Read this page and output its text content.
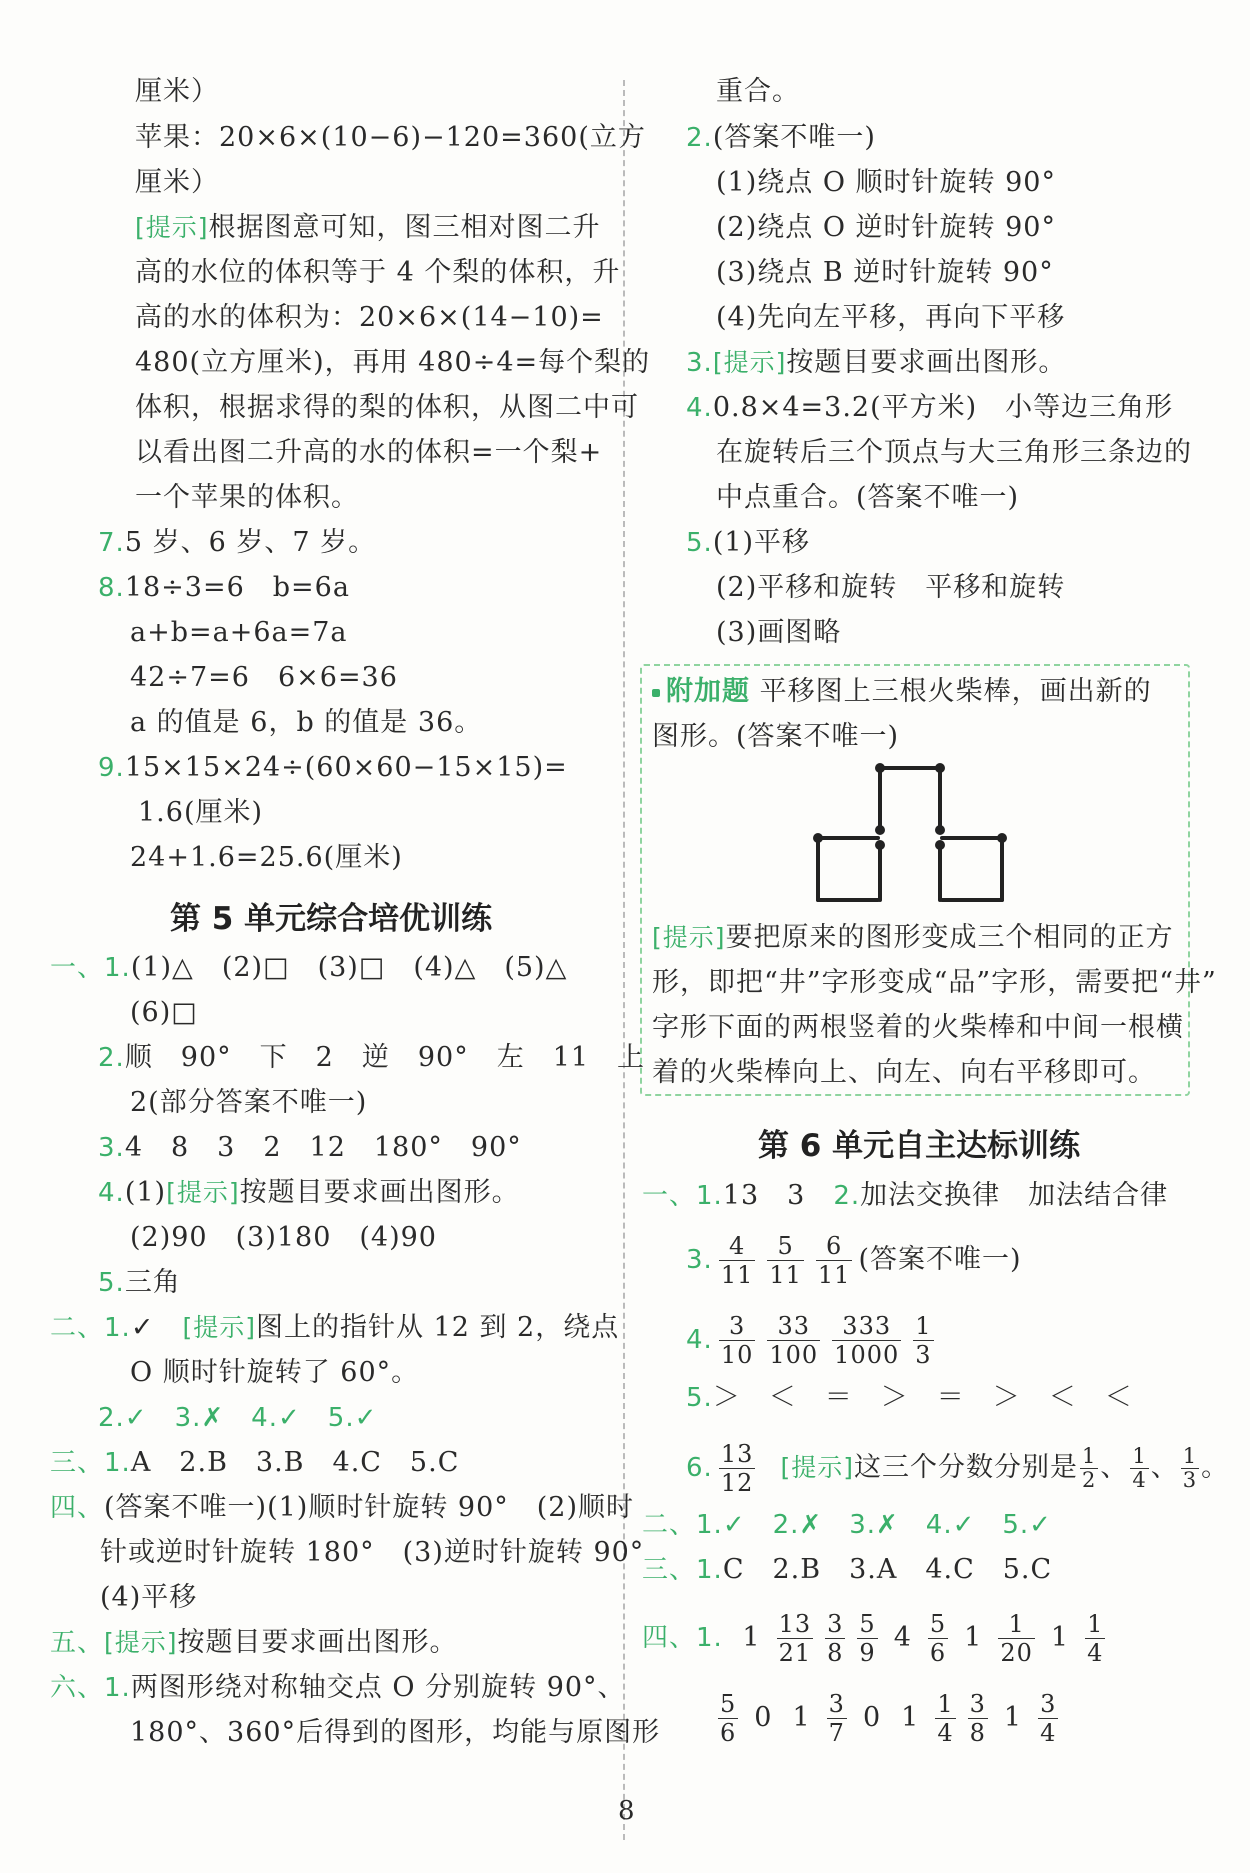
厘米）
苹果：20×6×(10−6)−120=360(立方
厘米）
[提示]根据图意可知，图三相对图二升
高的水位的体积等于 4 个梨的体积，升
高的水的体积为：20×6×(14−10)=
480(立方厘米)，再用 480÷4=每个梨的
体积，根据求得的梨的体积，从图二中可
以看出图二升高的水的体积=一个梨+
一个苹果的体积。
7.5 岁、6 岁、7 岁。
8.18÷3=6　b=6a
a+b=a+6a=7a
42÷7=6　6×6=36
a 的值是 6，b 的值是 36。
9.15×15×24÷(60×60−15×15)=
1.6(厘米)
24+1.6=25.6(厘米)
第 5 单元综合培优训练
一、1.(1)△　(2)□　(3)□　(4)△　(5)△
(6)□
2.顺　90°　下　2　逆　90°　左　11　上
2(部分答案不唯一)
3.4　8　3　2　12　180°　90°
4.(1)[提示]按题目要求画出图形。
(2)90　(3)180　(4)90
5.三角
二、1.✓　[提示]图上的指针从 12 到 2，绕点
O 顺时针旋转了 60°。
2.✓　3.✗　4.✓　5.✓
三、1.A　2.B　3.B　4.C　5.C
四、(答案不唯一)(1)顺时针旋转 90°　(2)顺时
针或逆时针旋转 180°　(3)逆时针旋转 90°
(4)平移
五、[提示]按题目要求画出图形。
六、1.两图形绕对称轴交点 O 分别旋转 90°、
180°、360°后得到的图形，均能与原图形
重合。
2.(答案不唯一)
(1)绕点 O 顺时针旋转 90°
(2)绕点 O 逆时针旋转 90°
(3)绕点 B 逆时针旋转 90°
(4)先向左平移，再向下平移
3.[提示]按题目要求画出图形。
4.0.8×4=3.2(平方米)　小等边三角形
在旋转后三个顶点与大三角形三条边的
中点重合。(答案不唯一)
5.(1)平移
(2)平移和旋转　平移和旋转
(3)画图略
附加题 平移图上三根火柴棒，画出新的
图形。(答案不唯一)
[提示]要把原来的图形变成三个相同的正方
形，即把“井”字形变成“品”字形，需要把“井”
字形下面的两根竖着的火柴棒和中间一根横
着的火柴棒向上、向左、向右平移即可。
第 6 单元自主达标训练
一、1.13　3　2.加法交换律　加法结合律
3. $\frac{4}{11} \frac{5}{11} \frac{6}{11}$ (答案不唯一)
4. $\frac{3}{10} \frac{33}{100} \frac{333}{1000} \frac{1}{3}$
5.＞　＜　＝　＞　＝　＞　＜　＜
6. $\frac{13}{12}$ [提示]这三个分数分别是 $\frac{1}{2}$ 、 $\frac{1}{4}$ 、 $\frac{1}{3}$ 。
二、1.✓　2.✗　3.✗　4.✓　5.✓
三、1.C　2.B　3.A　4.C　5.C
四、1. $1 \frac{13}{21} \frac{3}{8} \frac{5}{9} 4 \frac{5}{6} 1 \frac{1}{20} 1 \frac{1}{4}$
$\frac{5}{6} 0$ $1 \frac{3}{7} 0$ $1 \frac{1}{4} \frac{3}{8} 1 \frac{3}{4}$
8
